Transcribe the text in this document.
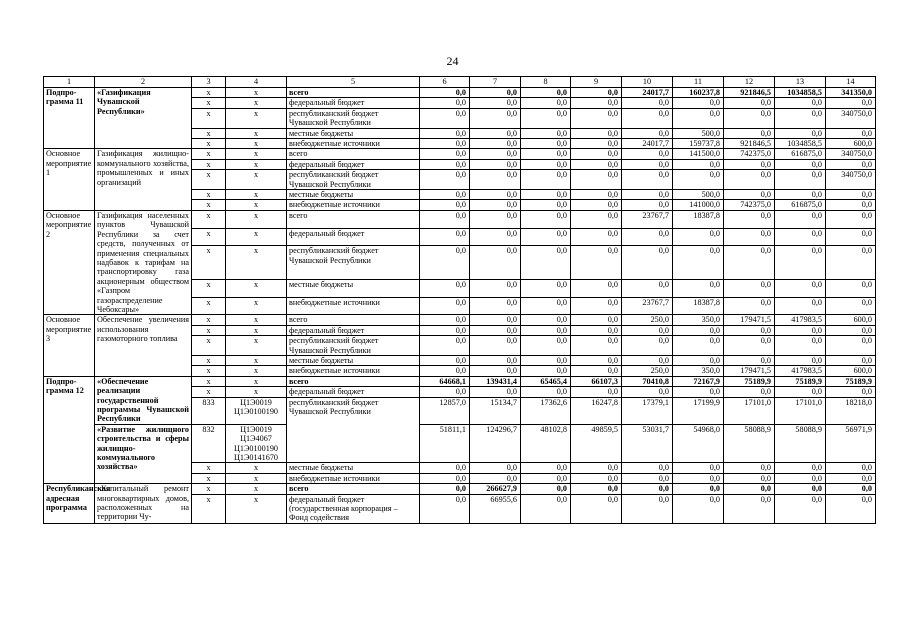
24
1	2	3	4	5	6	7	8	9	10	11	12	13	14
Подпро-грамма 11	«Газификация Чувашской Республики»	х	х	всего	0,0	0,0	0,0	0,0	24017,7	160237,8	921846,5	1034858,5	341350,0
		х	х	федеральный бюджет	0,0	0,0	0,0	0,0	0,0	0,0	0,0	0,0	0,0
		х	х	республиканский бюджет Чувашской Республики	0,0	0,0	0,0	0,0	0,0	0,0	0,0	0,0	340750,0
		х	х	местные бюджеты	0,0	0,0	0,0	0,0	0,0	500,0	0,0	0,0	0,0
		х	х	внебюджетные источники	0,0	0,0	0,0	0,0	24017,7	159737,8	921846,5	1034858,5	600,0
Основное мероприятие 1	Газификация жилищно-коммунального хозяйства, промышленных и иных организаций	х	х	всего	0,0	0,0	0,0	0,0	0,0	141500,0	742375,0	616875,0	340750,0
		х	х	федеральный бюджет	0,0	0,0	0,0	0,0	0,0	0,0	0,0	0,0	0,0
		х	х	республиканский бюджет Чувашской Республики	0,0	0,0	0,0	0,0	0,0	0,0	0,0	0,0	340750,0
		х	х	местные бюджеты	0,0	0,0	0,0	0,0	0,0	500,0	0,0	0,0	0,0
		х	х	внебюджетные источники	0,0	0,0	0,0	0,0	0,0	141000,0	742375,0	616875,0	0,0
Основное мероприятие 2	Газификация населенных пунктов Чувашской Республики за счет средств, полученных от применения специальных надбавок к тарифам на транспортировку газа акционерным обществом «Газпром газораспределение Чебоксары»	х	х	всего	0,0	0,0	0,0	0,0	23767,7	18387,8	0,0	0,0	0,0
		х	х	федеральный бюджет	0,0	0,0	0,0	0,0	0,0	0,0	0,0	0,0	0,0
		х	х	республиканский бюджет Чувашской Республики	0,0	0,0	0,0	0,0	0,0	0,0	0,0	0,0	0,0
		х	х	местные бюджеты	0,0	0,0	0,0	0,0	0,0	0,0	0,0	0,0	0,0
		х	х	внебюджетные источники	0,0	0,0	0,0	0,0	23767,7	18387,8	0,0	0,0	0,0
Основное мероприятие 3	Обеспечение увеличения использования газомоторного топлива	х	х	всего	0,0	0,0	0,0	0,0	250,0	350,0	179471,5	417983,5	600,0
		х	х	федеральный бюджет	0,0	0,0	0,0	0,0	0,0	0,0	0,0	0,0	0,0
		х	х	республиканский бюджет Чувашской Республики	0,0	0,0	0,0	0,0	0,0	0,0	0,0	0,0	0,0
		х	х	местные бюджеты	0,0	0,0	0,0	0,0	0,0	0,0	0,0	0,0	0,0
		х	х	внебюджетные источники	0,0	0,0	0,0	0,0	250,0	350,0	179471,5	417983,5	600,0
Подпро-грамма 12	«Обеспечение реализации государственной программы Чувашской Республики	х	х	всего	64668,1	139431,4	65465,4	66107,3	70410,8	72167,9	75189,9	75189,9	75189,9
		х	х	федеральный бюджет	0,0	0,0	0,0	0,0	0,0	0,0	0,0	0,0	0,0
		833	Ц1Э0019 Ц1Э0100190	республиканский бюджет Чувашской Республики	12857,0	15134,7	17362,6	16247,8	17379,1	17199,9	17101,0	17101,0	18218,0
	«Развитие жилищного строительства и сферы жилищно-коммунального хозяйства»	832	Ц1Э0019 Ц1Э4067 Ц1Э0100190 Ц1Э0141670		51811,1	124296,7	48102,8	49859,5	53031,7	54968,0	58088,9	58088,9	56971,9
		х	х	местные бюджеты	0,0	0,0	0,0	0,0	0,0	0,0	0,0	0,0	0,0
		х	х	внебюджетные источники	0,0	0,0	0,0	0,0	0,0	0,0	0,0	0,0	0,0
Республиканская адресная программа	«Капитальный ремонт многоквартирных домов, расположенных на территории Чу-	х	х	всего	0,0	266627,9	0,0	0,0	0,0	0,0	0,0	0,0	0,0
		х	х	федеральный бюджет (государственная корпорация – Фонд содействия	0,0	66955,6	0,0	0,0	0,0	0,0	0,0	0,0	0,0
